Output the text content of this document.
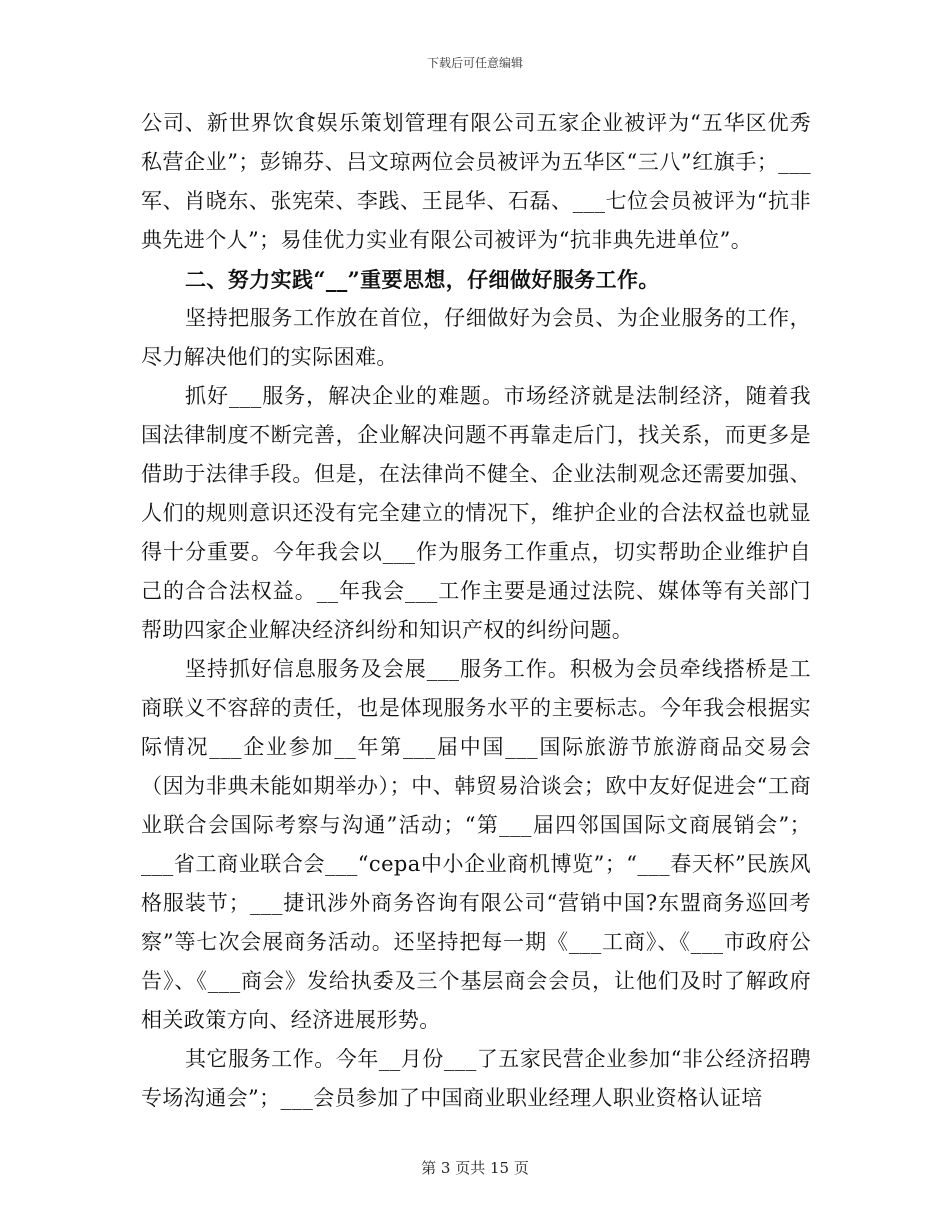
下载后可任意编辑

公司、新世界饮食娱乐策划管理有限公司五家企业被评为“五华区优秀私营企业”；彭锦芬、吕文琼两位会员被评为五华区“三八”红旗手；___军、肖晓东、张宪荣、李践、王昆华、石磊、___七位会员被评为“抗非典先进个人”；易佳优力实业有限公司被评为“抗非典先进单位”。

二、努力实践“__”重要思想，仔细做好服务工作。

坚持把服务工作放在首位，仔细做好为会员、为企业服务的工作，尽力解决他们的实际困难。

抓好___服务，解决企业的难题。市场经济就是法制经济，随着我国法律制度不断完善，企业解决问题不再靠走后门，找关系，而更多是借助于法律手段。但是，在法律尚不健全、企业法制观念还需要加强、人们的规则意识还没有完全建立的情况下，维护企业的合法权益也就显得十分重要。今年我会以___作为服务工作重点，切实帮助企业维护自己的合合法权益。__年我会___工作主要是通过法院、媒体等有关部门帮助四家企业解决经济纠纷和知识产权的纠纷问题。

坚持抓好信息服务及会展___服务工作。积极为会员牵线搭桥是工商联义不容辞的责任，也是体现服务水平的主要标志。今年我会根据实际情况___企业参加__年第___届中国___国际旅游节旅游商品交易会（因为非典未能如期举办）；中、韩贸易洽谈会；欧中友好促进会“工商业联合会国际考察与沟通”活动；“第___届四邻国国际文商展销会”；___省工商业联合会___“cepa中小企业商机博览”；“___春天杯”民族风格服装节；___捷讯涉外商务咨询有限公司“营销中国?东盟商务巡回考察”等七次会展商务活动。还坚持把每一期《___工商》、《___市政府公告》、《___商会》发给执委及三个基层商会会员，让他们及时了解政府相关政策方向、经济进展形势。

其它服务工作。今年__月份___了五家民营企业参加“非公经济招聘专场沟通会”；___会员参加了中国商业职业经理人职业资格认证培

第 3 页共 15 页
